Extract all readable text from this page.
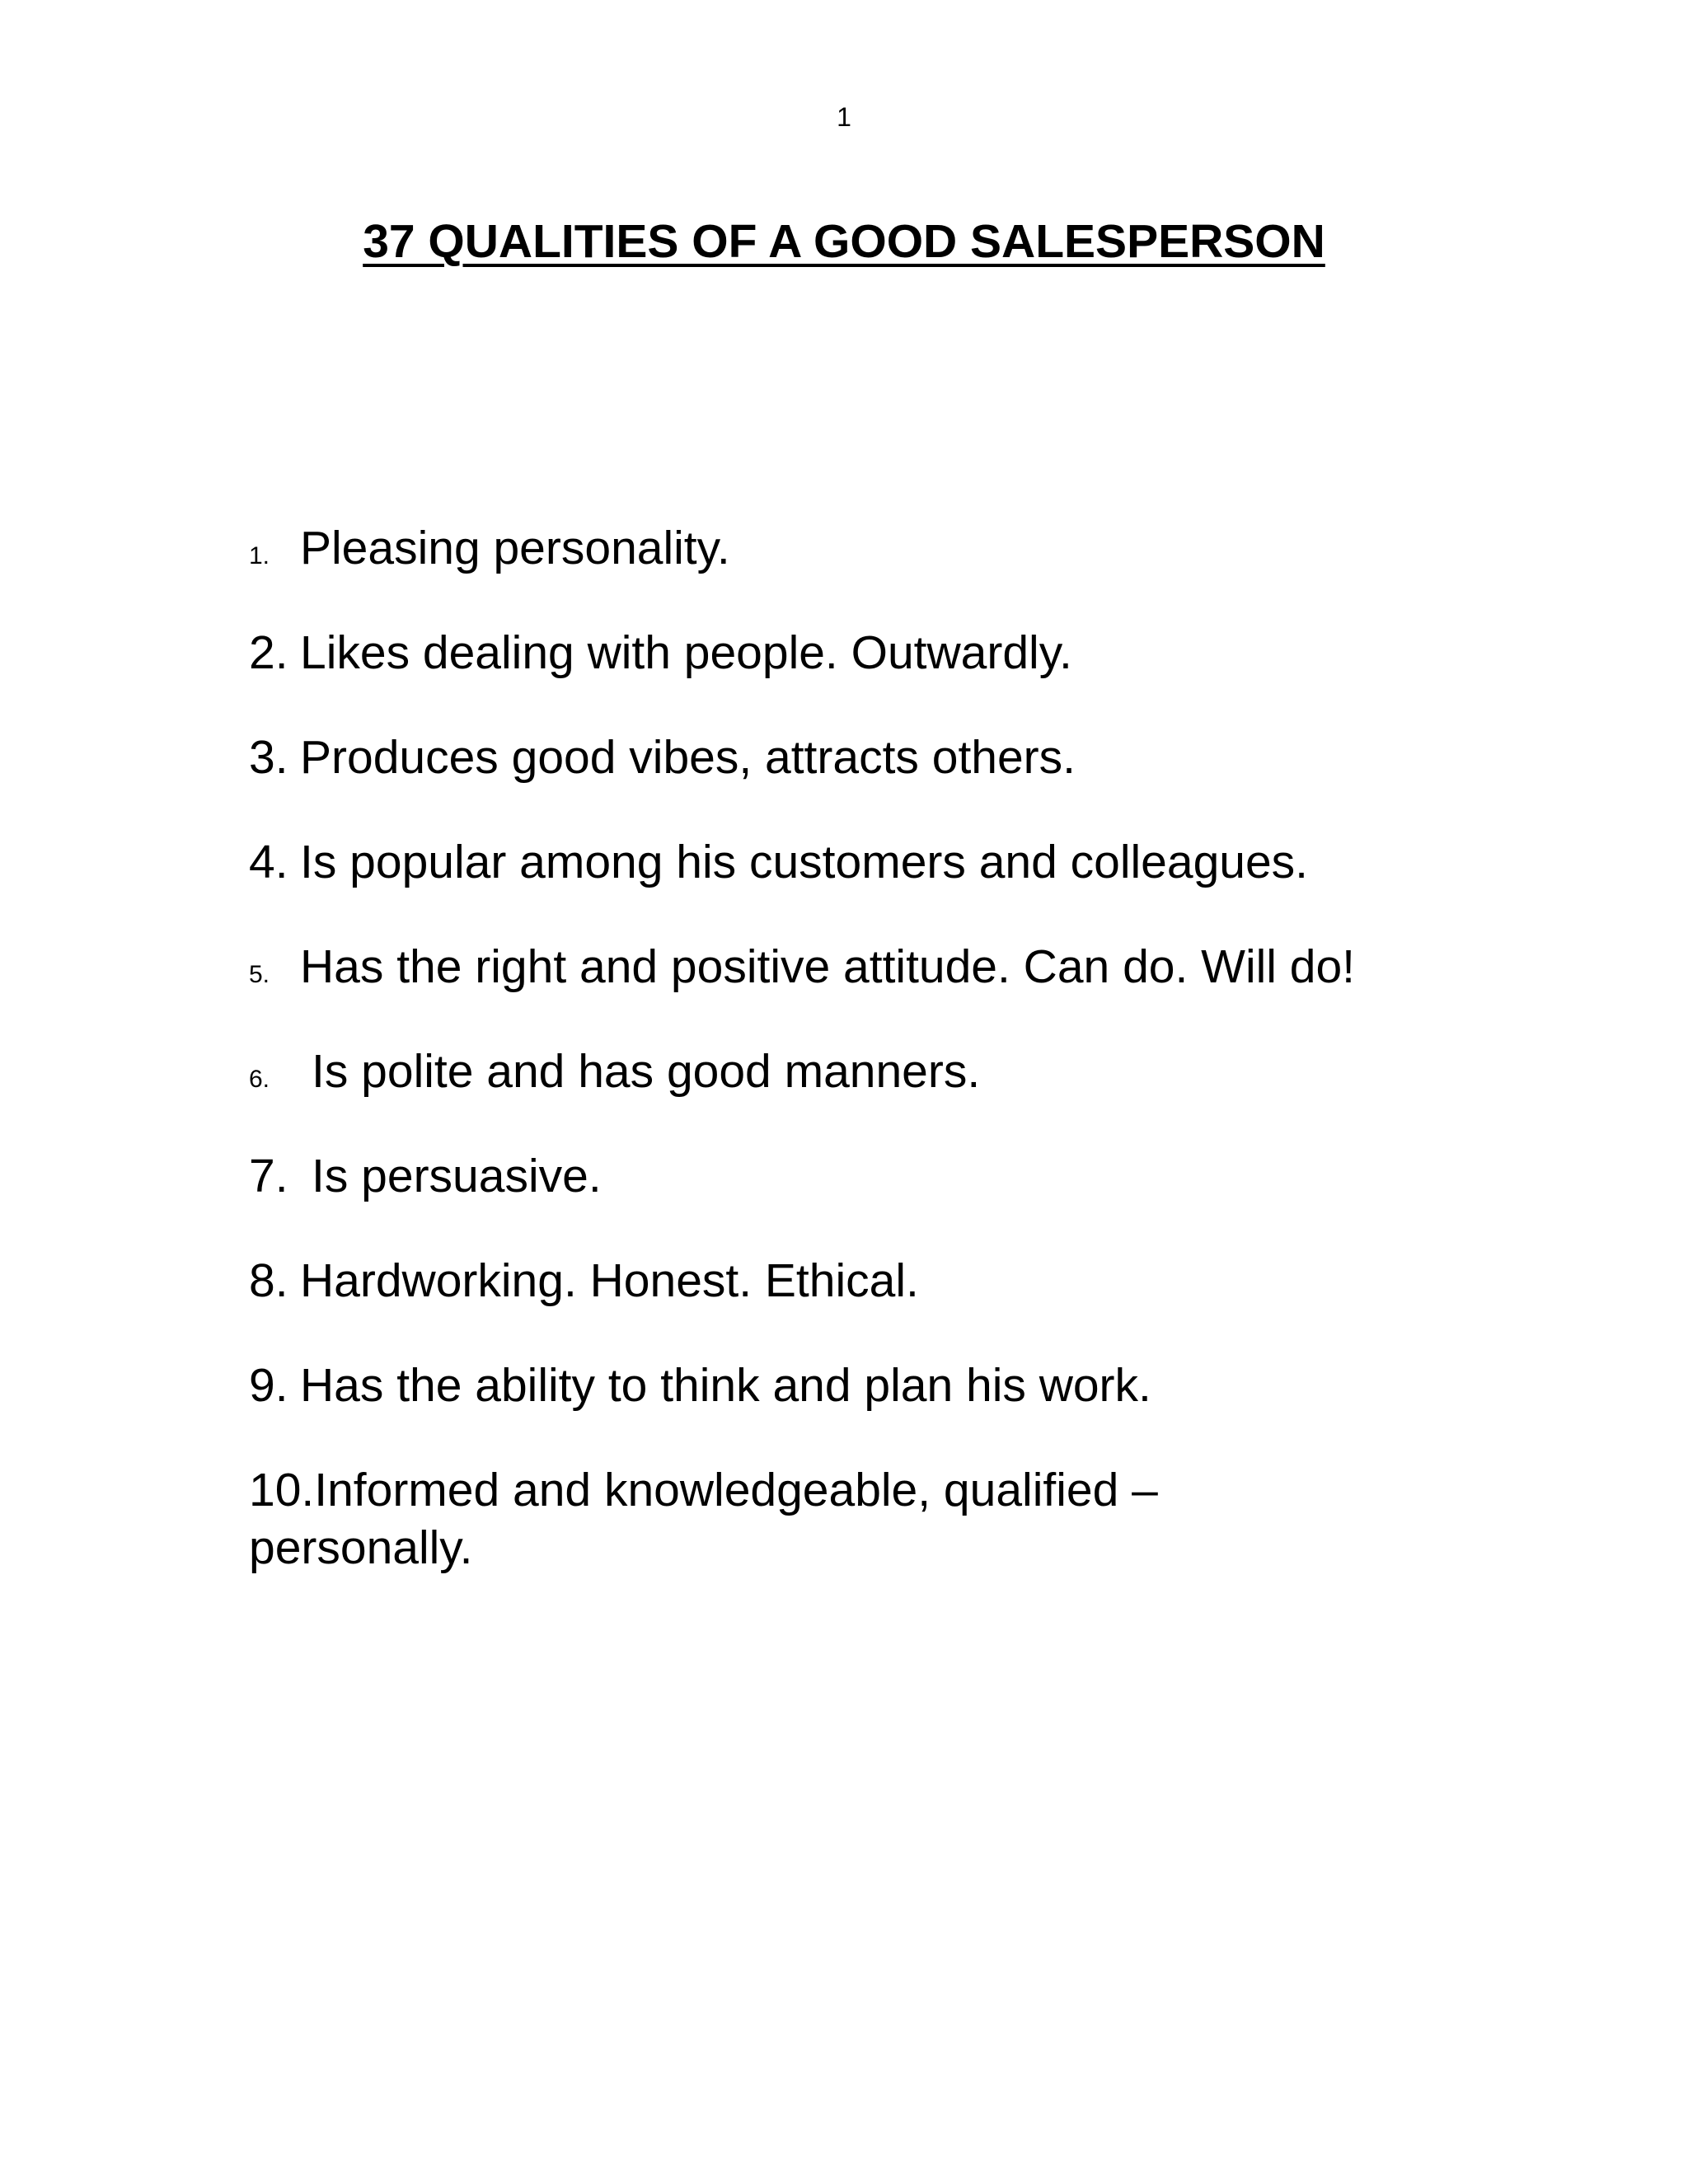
1
37 QUALITIES OF A GOOD SALESPERSON
1. Pleasing personality.
2. Likes dealing with people. Outwardly.
3. Produces good vibes, attracts others.
4. Is popular among his customers and colleagues.
5. Has the right and positive attitude. Can do. Will do!
6. Is polite and has good manners.
7. Is persuasive.
8. Hardworking. Honest. Ethical.
9. Has the ability to think and plan his work.
10.Informed and knowledgeable, qualified – personally.
